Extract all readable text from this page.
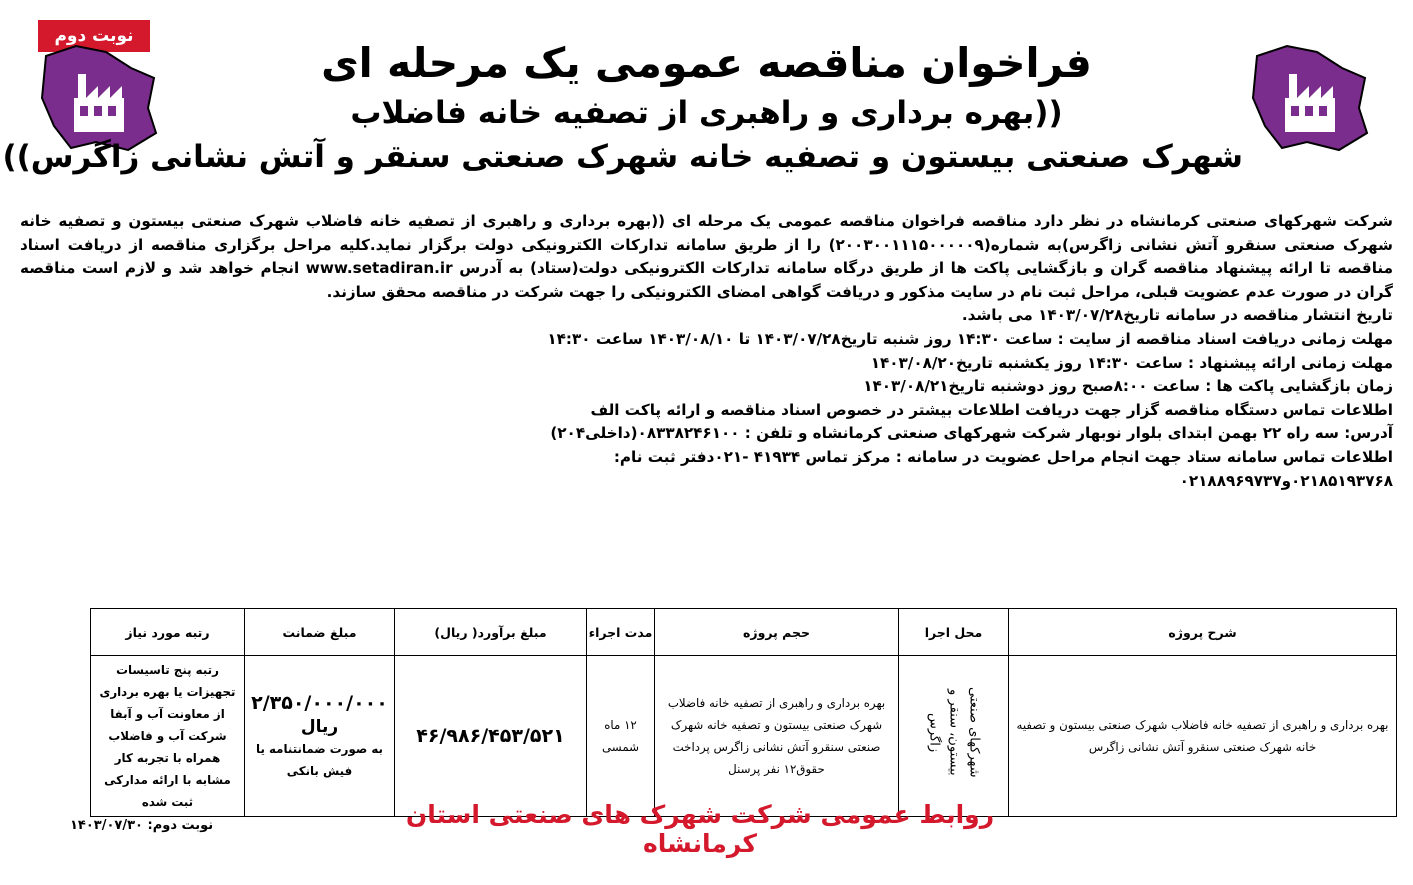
نوبت دوم
فراخوان مناقصه عمومی یک مرحله ای
((بهره برداری و راهبری از تصفیه خانه فاضلاب
شهرک صنعتی بیستون و تصفیه خانه شهرک صنعتی سنقر و آتش نشانی زاگرس))

شرکت شهرکهای صنعتی کرمانشاه در نظر دارد مناقصه فراخوان مناقصه عمومی یک مرحله ای ((بهره برداری و راهبری از تصفیه خانه فاضلاب شهرک صنعتی بیستون و تصفیه خانه شهرک صنعتی سنقرو آتش نشانی زاگرس)به شماره(۲۰۰۳۰۰۱۱۱۵۰۰۰۰۰۹) را از طریق سامانه تدارکات الکترونیکی دولت برگزار نماید.کلیه مراحل برگزاری مناقصه از دریافت اسناد مناقصه تا ارائه پیشنهاد مناقصه گران و بازگشایی پاکت ها از طریق درگاه سامانه تدارکات الکترونیکی دولت(ستاد) به آدرس www.setadiran.ir انجام خواهد شد و لازم است مناقصه گران در صورت عدم عضویت قبلی، مراحل ثبت نام در سایت مذکور و دریافت گواهی امضای الکترونیکی را جهت شرکت در مناقصه محقق سازند.

تاریخ انتشار مناقصه در سامانه تاریخ۱۴۰۳/۰۷/۲۸ می باشد.

مهلت زمانی دریافت اسناد مناقصه از سایت : ساعت ۱۴:۳۰ روز شنبه تاریخ۱۴۰۳/۰۷/۲۸ تا ۱۴۰۳/۰۸/۱۰ ساعت ۱۴:۳۰

مهلت زمانی ارائه پیشنهاد : ساعت ۱۴:۳۰ روز یکشنبه تاریخ۱۴۰۳/۰۸/۲۰

زمان بازگشایی پاکت ها : ساعت ۸:۰۰صبح روز دوشنبه تاریخ۱۴۰۳/۰۸/۲۱

اطلاعات تماس دستگاه مناقصه گزار جهت دریافت اطلاعات بیشتر در خصوص اسناد مناقصه و ارائه پاکت الف

آدرس: سه راه ۲۲ بهمن ابتدای بلوار نوبهار شرکت شهرکهای صنعتی کرمانشاه و تلفن : ۰۸۳۳۸۲۴۶۱۰۰(داخلی۲۰۴)

اطلاعات تماس سامانه ستاد جهت انجام مراحل عضویت در سامانه : مرکز تماس ۴۱۹۳۴ -۰۲۱دفتر ثبت نام:

۰۲۱۸۵۱۹۳۷۶۸و۰۲۱۸۸۹۶۹۷۳۷

شرح پروژه	محل اجرا	حجم پروژه	مدت اجراء	مبلغ برآورد( ریال)	مبلغ ضمانت	رتبه مورد نیاز
بهره برداری و راهبری از تصفیه خانه فاضلاب شهرک صنعتی بیستون و تصفیه خانه شهرک صنعتی سنقرو آتش نشانی زاگرس	شهرکهای صنعتی بیستون، سنقر و زاگرس	بهره برداری و راهبری از تصفیه خانه فاضلاب شهرک صنعتی بیستون و تصفیه خانه شهرک صنعتی سنقرو آتش نشانی زاگرس پرداخت حقوق۱۲ نفر پرسنل	۱۲ ماه شمسی	۴۶/۹۸۶/۴۵۳/۵۲۱	۲/۳۵۰/۰۰۰/۰۰۰
ریال
به صورت ضمانتنامه یا فیش بانکی	رتبه پنج تاسیسات تجهیزات یا بهره برداری از معاونت آب و آبفا شرکت آب و فاضلاب همراه با تجربه کار مشابه با ارائه مدارکی ثبت شده	روابط عمومی شرکت شهرک های صنعتی استان کرمانشاه
نوبت دوم: ۱۴۰۳/۰۷/۳۰
